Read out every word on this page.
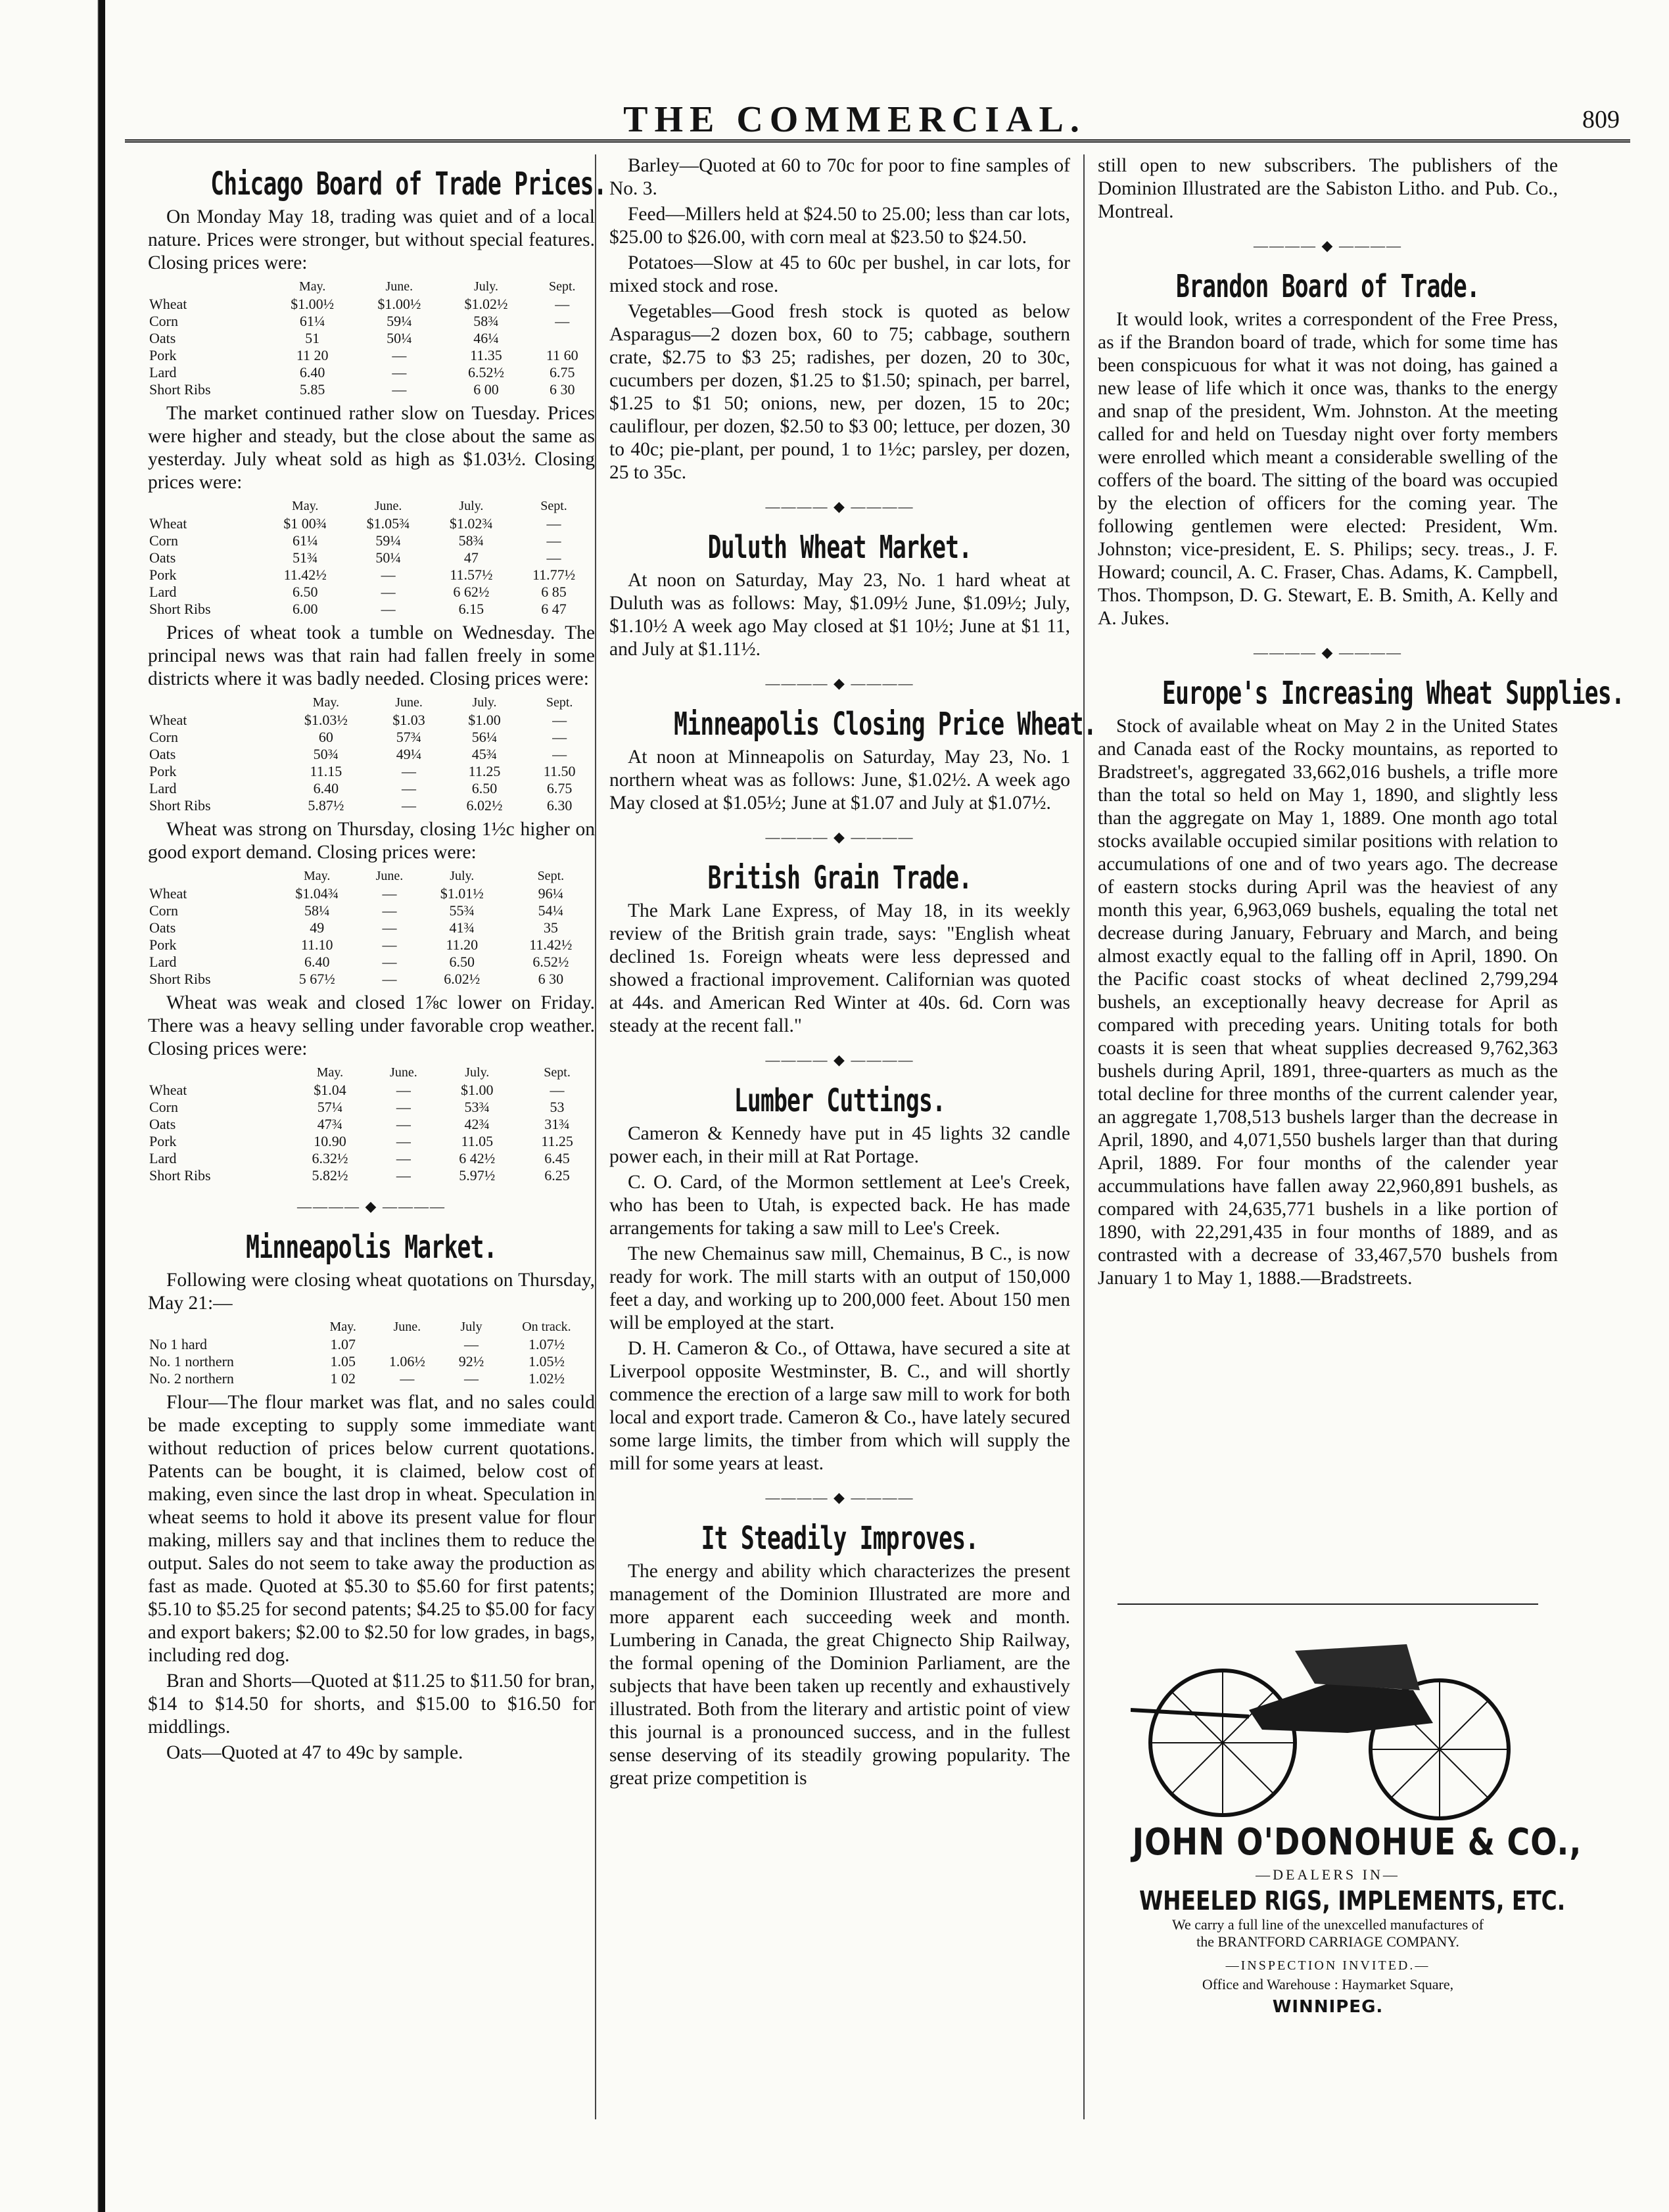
THE COMMERCIAL.	809
Chicago Board of Trade Prices.

On Monday May 18, trading was quiet and of a local nature. Prices were stronger, but without special features. Closing prices were:

	May.	June.	July.	Sept.
Wheat	$1.00½	$1.00½	$1.02½	—
Corn	61¼	59¼	58¾	—
Oats	51	50¼	46¼	
Pork	11 20	—	11.35	11 60
Lard	6.40	—	6.52½	6.75
Short Ribs	5.85	—	6 00	6 30

The market continued rather slow on Tuesday. Prices were higher and steady, but the close about the same as yesterday. July wheat sold as high as $1.03½. Closing prices were:

	May.	June.	July.	Sept.
Wheat	$1 00¾	$1.05¾	$1.02¾	—
Corn	61¼	59¼	58¾	—
Oats	51¾	50¼	47	—
Pork	11.42½	—	11.57½	11.77½
Lard	6.50	—	6 62½	6 85
Short Ribs	6.00	—	6.15	6 47

Prices of wheat took a tumble on Wednesday. The principal news was that rain had fallen freely in some districts where it was badly needed. Closing prices were:

	May.	June.	July.	Sept.
Wheat	$1.03½	$1.03	$1.00	—
Corn	60	57¾	56¼	—
Oats	50¾	49¼	45¾	—
Pork	11.15	—	11.25	11.50
Lard	6.40	—	6.50	6.75
Short Ribs	5.87½	—	6.02½	6.30

Wheat was strong on Thursday, closing 1½c higher on good export demand. Closing prices were:

	May.	June.	July.	Sept.
Wheat	$1.04¾	—	$1.01½	96¼
Corn	58¼	—	55¾	54¼
Oats	49	—	41¾	35
Pork	11.10	—	11.20	11.42½
Lard	6.40	—	6.50	6.52½
Short Ribs	5 67½	—	6.02½	6 30

Wheat was weak and closed 1⅞c lower on Friday. There was a heavy selling under favorable crop weather. Closing prices were:

	May.	June.	July.	Sept.
Wheat	$1.04	—	$1.00	—
Corn	57¼	—	53¾	53
Oats	47¾	—	42¾	31¾
Pork	10.90	—	11.05	11.25
Lard	6.32½	—	6 42½	6.45
Short Ribs	5.82½	—	5.97½	6.25
———— ◆ ————
Minneapolis Market.

Following were closing wheat quotations on Thursday, May 21:—

	May.	June.	July	On track.
No 1 hard	1.07		—	1.07½
No. 1 northern	1.05	1.06½	92½	1.05½
No. 2 northern	1 02	—	—	1.02½

Flour—The flour market was flat, and no sales could be made excepting to supply some immediate want without reduction of prices below current quotations. Patents can be bought, it is claimed, below cost of making, even since the last drop in wheat. Speculation in wheat seems to hold it above its present value for flour making, millers say and that inclines them to reduce the output. Sales do not seem to take away the production as fast as made. Quoted at $5.30 to $5.60 for first patents; $5.10 to $5.25 for second patents; $4.25 to $5.00 for facy and export bakers; $2.00 to $2.50 for low grades, in bags, including red dog.

Bran and Shorts—Quoted at $11.25 to $11.50 for bran, $14 to $14.50 for shorts, and $15.00 to $16.50 for middlings.

Oats—Quoted at 47 to 49c by sample.

Barley—Quoted at 60 to 70c for poor to fine samples of No. 3.

Feed—Millers held at $24.50 to 25.00; less than car lots, $25.00 to $26.00, with corn meal at $23.50 to $24.50.

Potatoes—Slow at 45 to 60c per bushel, in car lots, for mixed stock and rose.

Vegetables—Good fresh stock is quoted as below Asparagus—2 dozen box, 60 to 75; cabbage, southern crate, $2.75 to $3 25; radishes, per dozen, 20 to 30c, cucumbers per dozen, $1.25 to $1.50; spinach, per barrel, $1.25 to $1 50; onions, new, per dozen, 15 to 20c; cauliflour, per dozen, $2.50 to $3 00; lettuce, per dozen, 30 to 40c; pie-plant, per pound, 1 to 1½c; parsley, per dozen, 25 to 35c.

———— ◆ ————
Duluth Wheat Market.

At noon on Saturday, May 23, No. 1 hard wheat at Duluth was as follows: May, $1.09½ June, $1.09½; July, $1.10½ A week ago May closed at $1 10½; June at $1 11, and July at $1.11½.

———— ◆ ————
Minneapolis Closing Price Wheat.

At noon at Minneapolis on Saturday, May 23, No. 1 northern wheat was as follows: June, $1.02½. A week ago May closed at $1.05½; June at $1.07 and July at $1.07½.

———— ◆ ————
British Grain Trade.

The Mark Lane Express, of May 18, in its weekly review of the British grain trade, says: "English wheat declined 1s. Foreign wheats were less depressed and showed a fractional improvement. Californian was quoted at 44s. and American Red Winter at 40s. 6d. Corn was steady at the recent fall."

———— ◆ ————
Lumber Cuttings.

Cameron & Kennedy have put in 45 lights 32 candle power each, in their mill at Rat Portage.

C. O. Card, of the Mormon settlement at Lee's Creek, who has been to Utah, is expected back. He has made arrangements for taking a saw mill to Lee's Creek.

The new Chemainus saw mill, Chemainus, B C., is now ready for work. The mill starts with an output of 150,000 feet a day, and working up to 200,000 feet. About 150 men will be employed at the start.

D. H. Cameron & Co., of Ottawa, have secured a site at Liverpool opposite Westminster, B. C., and will shortly commence the erection of a large saw mill to work for both local and export trade. Cameron & Co., have lately secured some large limits, the timber from which will supply the mill for some years at least.

———— ◆ ————
It Steadily Improves.

The energy and ability which characterizes the present management of the Dominion Illustrated are more and more apparent each succeeding week and month. Lumbering in Canada, the great Chignecto Ship Railway, the formal opening of the Dominion Parliament, are the subjects that have been taken up recently and exhaustively illustrated. Both from the literary and artistic point of view this journal is a pronounced success, and in the fullest sense deserving of its steadily growing popularity. The great prize competition is

still open to new subscribers. The publishers of the Dominion Illustrated are the Sabiston Litho. and Pub. Co., Montreal.

———— ◆ ————
Brandon Board of Trade.

It would look, writes a correspondent of the Free Press, as if the Brandon board of trade, which for some time has been conspicuous for what it was not doing, has gained a new lease of life which it once was, thanks to the energy and snap of the president, Wm. Johnston. At the meeting called for and held on Tuesday night over forty members were enrolled which meant a considerable swelling of the coffers of the board. The sitting of the board was occupied by the election of officers for the coming year. The following gentlemen were elected: President, Wm. Johnston; vice-president, E. S. Philips; secy. treas., J. F. Howard; council, A. C. Fraser, Chas. Adams, K. Campbell, Thos. Thompson, D. G. Stewart, E. B. Smith, A. Kelly and A. Jukes.

———— ◆ ————
Europe's Increasing Wheat Supplies.

Stock of available wheat on May 2 in the United States and Canada east of the Rocky mountains, as reported to Bradstreet's, aggregated 33,662,016 bushels, a trifle more than the total so held on May 1, 1890, and slightly less than the aggregate on May 1, 1889. One month ago total stocks available occupied similar positions with relation to accumulations of one and of two years ago. The decrease of eastern stocks during April was the heaviest of any month this year, 6,963,069 bushels, equaling the total net decrease during January, February and March, and being almost exactly equal to the falling off in April, 1890. On the Pacific coast stocks of wheat declined 2,799,294 bushels, an exceptionally heavy decrease for April as compared with preceding years. Uniting totals for both coasts it is seen that wheat supplies decreased 9,762,363 bushels during April, 1891, three-quarters as much as the total decline for three months of the current calender year, an aggregate 1,708,513 bushels larger than the decrease in April, 1890, and 4,071,550 bushels larger than that during April, 1889. For four months of the calender year accummulations have fallen away 22,960,891 bushels, as compared with 24,635,771 bushels in a like portion of 1890, with 22,291,435 in four months of 1889, and as contrasted with a decrease of 33,467,570 bushels from January 1 to May 1, 1888.—Bradstreets.

JOHN O'DONOHUE & CO.,
—DEALERS IN—
WHEELED RIGS, IMPLEMENTS, ETC.
We carry a full line of the unexcelled manufactures of
the BRANTFORD CARRIAGE COMPANY.
—INSPECTION INVITED.—
Office and Warehouse : Haymarket Square,
WINNIPEG.
